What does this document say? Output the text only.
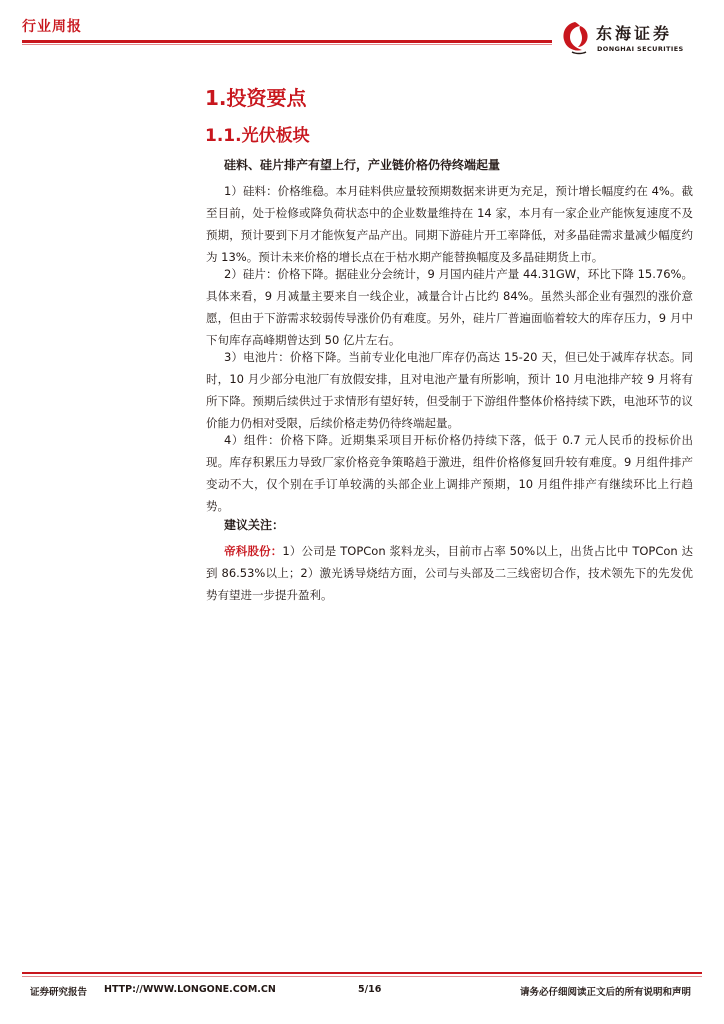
行业周报	东海证券
DONGHAI SECURITIES
1.投资要点
1.1.光伏板块
硅料、硅片排产有望上行，产业链价格仍待终端起量

1）硅料：价格维稳。本月硅料供应量较预期数据来讲更为充足，预计增长幅度约在 4%。截至目前，处于检修或降负荷状态中的企业数量维持在 14 家，本月有一家企业产能恢复速度不及预期，预计要到下月才能恢复产品产出。同期下游硅片开工率降低，对多晶硅需求量减少幅度约为 13%。预计未来价格的增长点在于枯水期产能替换幅度及多晶硅期货上市。

2）硅片：价格下降。据硅业分会统计，9 月国内硅片产量 44.31GW，环比下降 15.76%。具体来看，9 月减量主要来自一线企业，减量合计占比约 84%。虽然头部企业有强烈的涨价意愿，但由于下游需求较弱传导涨价仍有难度。另外，硅片厂普遍面临着较大的库存压力，9 月中下旬库存高峰期曾达到 50 亿片左右。

3）电池片：价格下降。当前专业化电池厂库存仍高达 15-20 天，但已处于减库存状态。同时，10 月少部分电池厂有放假安排，且对电池产量有所影响，预计 10 月电池排产较 9 月将有所下降。预期后续供过于求情形有望好转，但受制于下游组件整体价格持续下跌，电池环节的议价能力仍相对受限，后续价格走势仍待终端起量。

4）组件：价格下降。近期集采项目开标价格仍持续下落，低于 0.7 元人民币的投标价出现。库存积累压力导致厂家价格竞争策略趋于激进，组件价格修复回升较有难度。9 月组件排产变动不大，仅个别在手订单较满的头部企业上调排产预期，10 月组件排产有继续环比上行趋势。

建议关注：

帝科股份：1）公司是 TOPCon 浆料龙头，目前市占率 50%以上，出货占比中 TOPCon 达到 86.53%以上；2）激光诱导烧结方面，公司与头部及二三线密切合作，技术领先下的先发优势有望进一步提升盈利。

证券研究报告 HTTP://WWW.LONGONE.COM.CN	5/16	请务必仔细阅读正文后的所有说明和声明
